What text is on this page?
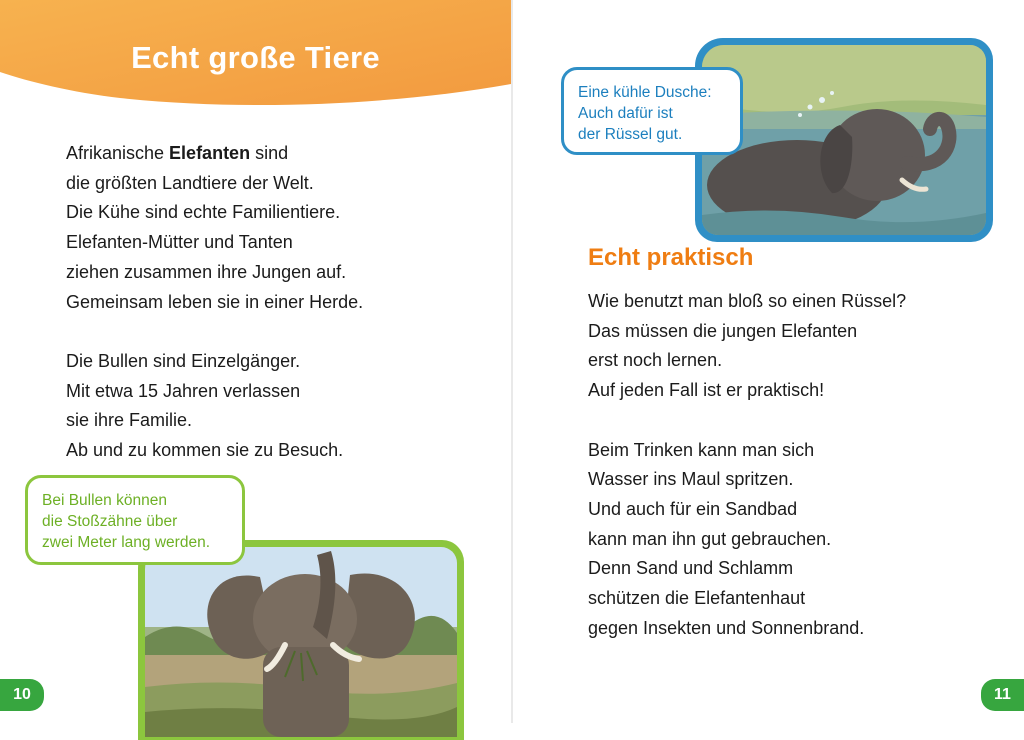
Echt große Tiere

Afrikanische Elefanten sind

die größten Landtiere der Welt.

Die Kühe sind echte Familientiere.

Elefanten-Mütter und Tanten

ziehen zusammen ihre Jungen auf.

Gemeinsam leben sie in einer Herde.

Die Bullen sind Einzelgänger.

Mit etwa 15 Jahren verlassen

sie ihre Familie.

Ab und zu kommen sie zu Besuch.

Bei Bullen können
die Stoßzähne über
zwei Meter lang werden.
10
Eine kühle Dusche:
Auch dafür ist
der Rüssel gut.
Echt praktisch

Wie benutzt man bloß so einen Rüssel?

Das müssen die jungen Elefanten

erst noch lernen.

Auf jeden Fall ist er praktisch!

Beim Trinken kann man sich

Wasser ins Maul spritzen.

Und auch für ein Sandbad

kann man ihn gut gebrauchen.

Denn Sand und Schlamm

schützen die Elefantenhaut

gegen Insekten und Sonnenbrand.

11
